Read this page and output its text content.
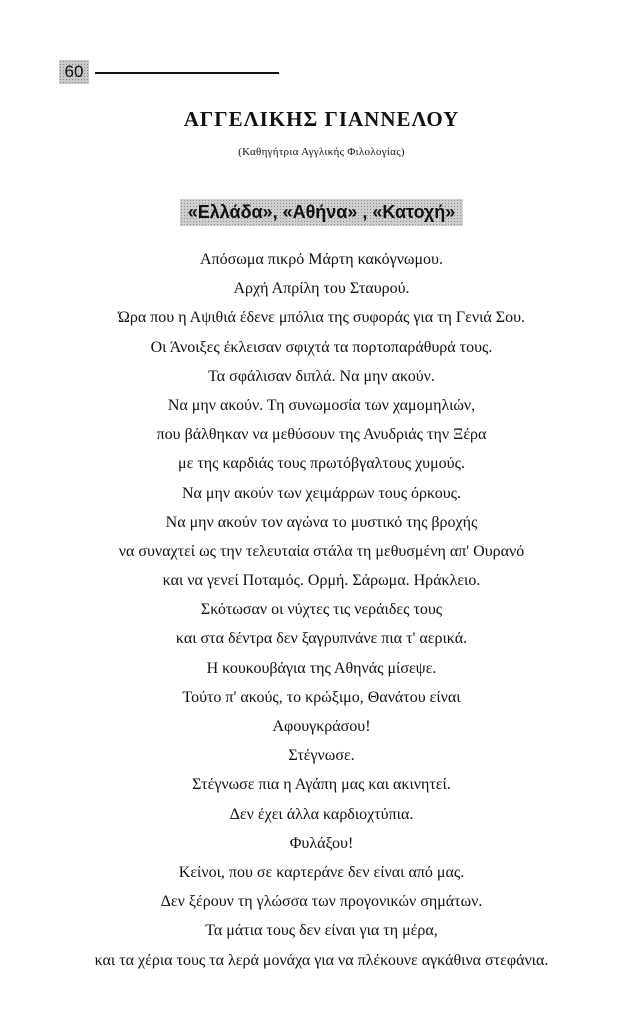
60
ΑΓΓΕΛΙΚΗΣ ΓΙΑΝΝΕΛΟΥ
(Καθηγήτρια Αγγλικής Φιλολογίας)
«Ελλάδα», «Αθήνα» , «Κατοχή»
Απόσωμα πικρό Μάρτη κακόγνωμου.
Αρχή Απρίλη του Σταυρού.
Ώρα που η Αψιθιά έδενε μπόλια της συφοράς για τη Γενιά Σου.
Οι Άνοιξες έκλεισαν σφιχτά τα πορτοπαράθυρά τους.
Τα σφάλισαν διπλά. Να μην ακούν.
Να μην ακούν. Τη συνωμοσία των χαμομηλιών,
που βάλθηκαν να μεθύσουν της Ανυδριάς την Ξέρα
με της καρδιάς τους πρωτόβγαλτους χυμούς.
Να μην ακούν των χειμάρρων τους όρκους.
Να μην ακούν τον αγώνα το μυστικό της βροχής
να συναχτεί ως την τελευταία στάλα τη μεθυσμένη απ' Ουρανό
και να γενεί Ποταμός. Ορμή. Σάρωμα. Ηράκλειο.
Σκότωσαν οι νύχτες τις νεράιδες τους
και στα δέντρα δεν ξαγρυπνάνε πια τ' αερικά.
Η κουκουβάγια της Αθηνάς μίσεψε.
Τούτο π' ακούς, το κρώξιμο, Θανάτου είναι
Αφουγκράσου!
Στέγνωσε.
Στέγνωσε πια η Αγάπη μας και ακινητεί.
Δεν έχει άλλα καρδιοχτύπια.
Φυλάξου!
Κείνοι, που σε καρτεράνε δεν είναι από μας.
Δεν ξέρουν τη γλώσσα των προγονικών σημάτων.
Τα μάτια τους δεν είναι για τη μέρα,
και τα χέρια τους τα λερά μονάχα για να πλέκουνε αγκάθινα στεφάνια.
